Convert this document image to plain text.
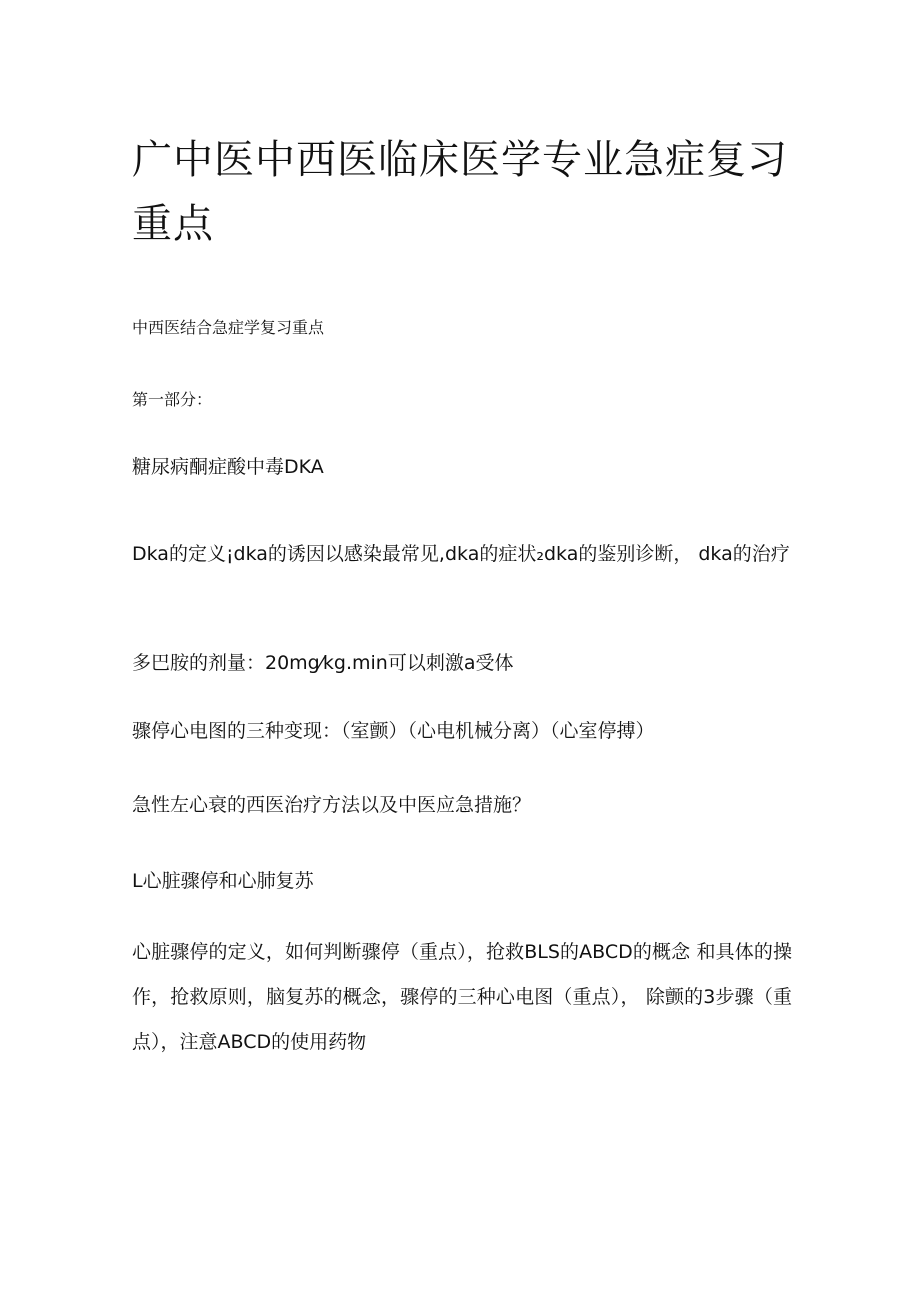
广中医中西医临床医学专业急症复习重点

中西医结合急症学复习重点

第一部分：

糖尿病酮症酸中毒DKA

Dka的定义¡dka的诱因以感染最常见,dka的症状₂dka的鉴别诊断， dka的治疗

多巴胺的剂量：20mg⁄kg.min可以刺激a受体

骤停心电图的三种变现：（室颤）（心电机械分离）（心室停搏）

急性左心衰的西医治疗方法以及中医应急措施？

L心脏骤停和心肺复苏

心脏骤停的定义，如何判断骤停（重点），抢救BLS的ABCD的概念 和具体的操作，抢救原则，脑复苏的概念，骤停的三种心电图（重点）， 除颤的3步骤（重点），注意ABCD的使用药物
